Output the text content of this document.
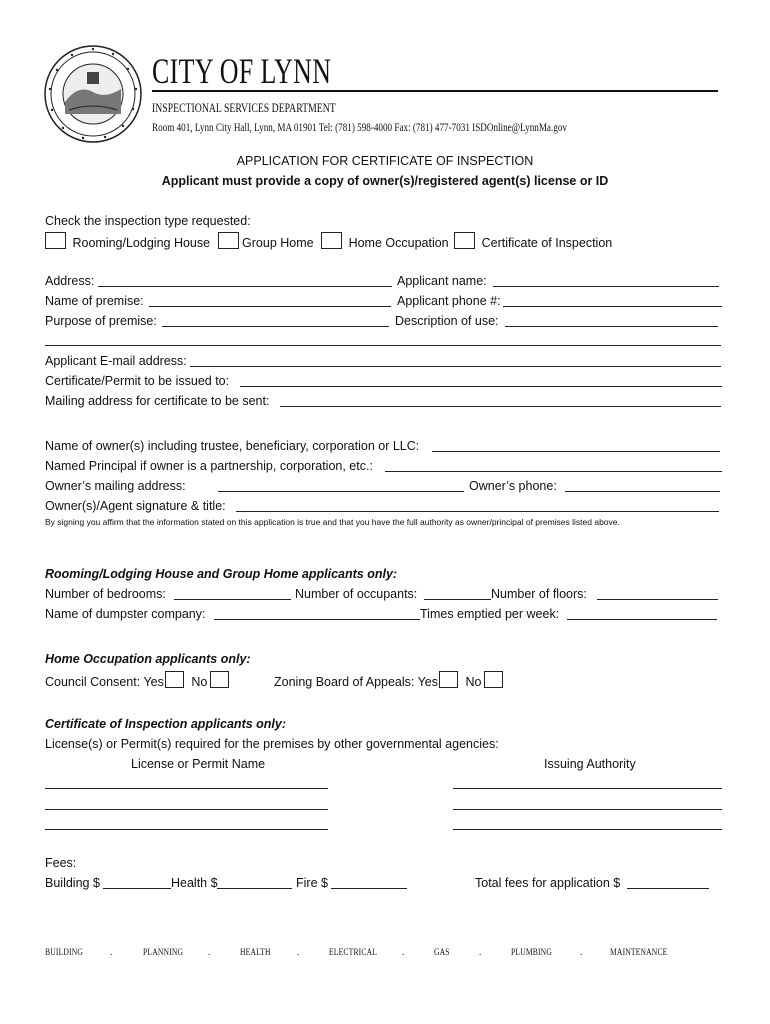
CITY OF LYNN
INSPECTIONAL SERVICES DEPARTMENT
Room 401, Lynn City Hall, Lynn, MA 01901 Tel: (781) 598-4000 Fax: (781) 477-7031 ISDOnline@LynnMa.gov
APPLICATION FOR CERTIFICATE OF INSPECTION
Applicant must provide a copy of owner(s)/registered agent(s) license or ID
Check the inspection type requested:
Rooming/Lodging House	Group Home	Home Occupation	Certificate of Inspection
Address:	Applicant name:
Name of premise:	Applicant phone #:
Purpose of premise:	Description of use:
Applicant E-mail address:
Certificate/Permit to be issued to:
Mailing address for certificate to be sent:
Name of owner(s) including trustee, beneficiary, corporation or LLC:
Named Principal if owner is a partnership, corporation, etc.:
Owner’s mailing address:	Owner’s phone:
Owner(s)/Agent signature & title:
By signing you affirm that the information stated on this application is true and that you have the full authority as owner/principal of premises listed above.
Rooming/Lodging House and Group Home applicants only:
Number of bedrooms:	Number of occupants:	Number of floors:
Name of dumpster company:	Times emptied per week:
Home Occupation applicants only:
Council Consent: Yes No	Zoning Board of Appeals: Yes No
Certificate of Inspection applicants only:
License(s) or Permit(s) required for the premises by other governmental agencies:
License or Permit Name	Issuing Authority
Fees:
Building $	Health $	Fire $	Total fees for application $
BUILDING	.	PLANNING	.	HEALTH	.	ELECTRICAL	.	GAS	.	PLUMBING	.	MAINTENANCE
